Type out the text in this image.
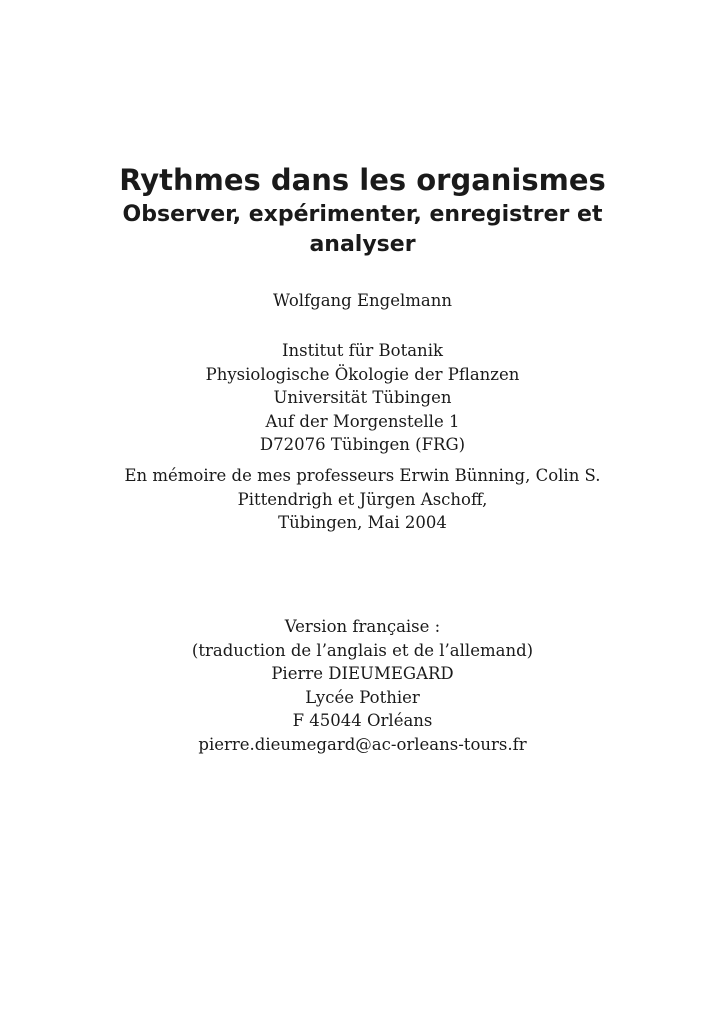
Rythmes dans les organismes
Observer, expérimenter, enregistrer et
analyser
Wolfgang Engelmann
Institut für Botanik
Physiologische Ökologie der Pflanzen
Universität Tübingen
Auf der Morgenstelle 1
D72076 Tübingen (FRG)
En mémoire de mes professeurs Erwin Bünning, Colin S.
Pittendrigh et Jürgen Aschoff,
Tübingen, Mai 2004
Version française :
(traduction de l’anglais et de l’allemand)
Pierre DIEUMEGARD
Lycée Pothier
F 45044 Orléans
pierre.dieumegard@ac-orleans-tours.fr
